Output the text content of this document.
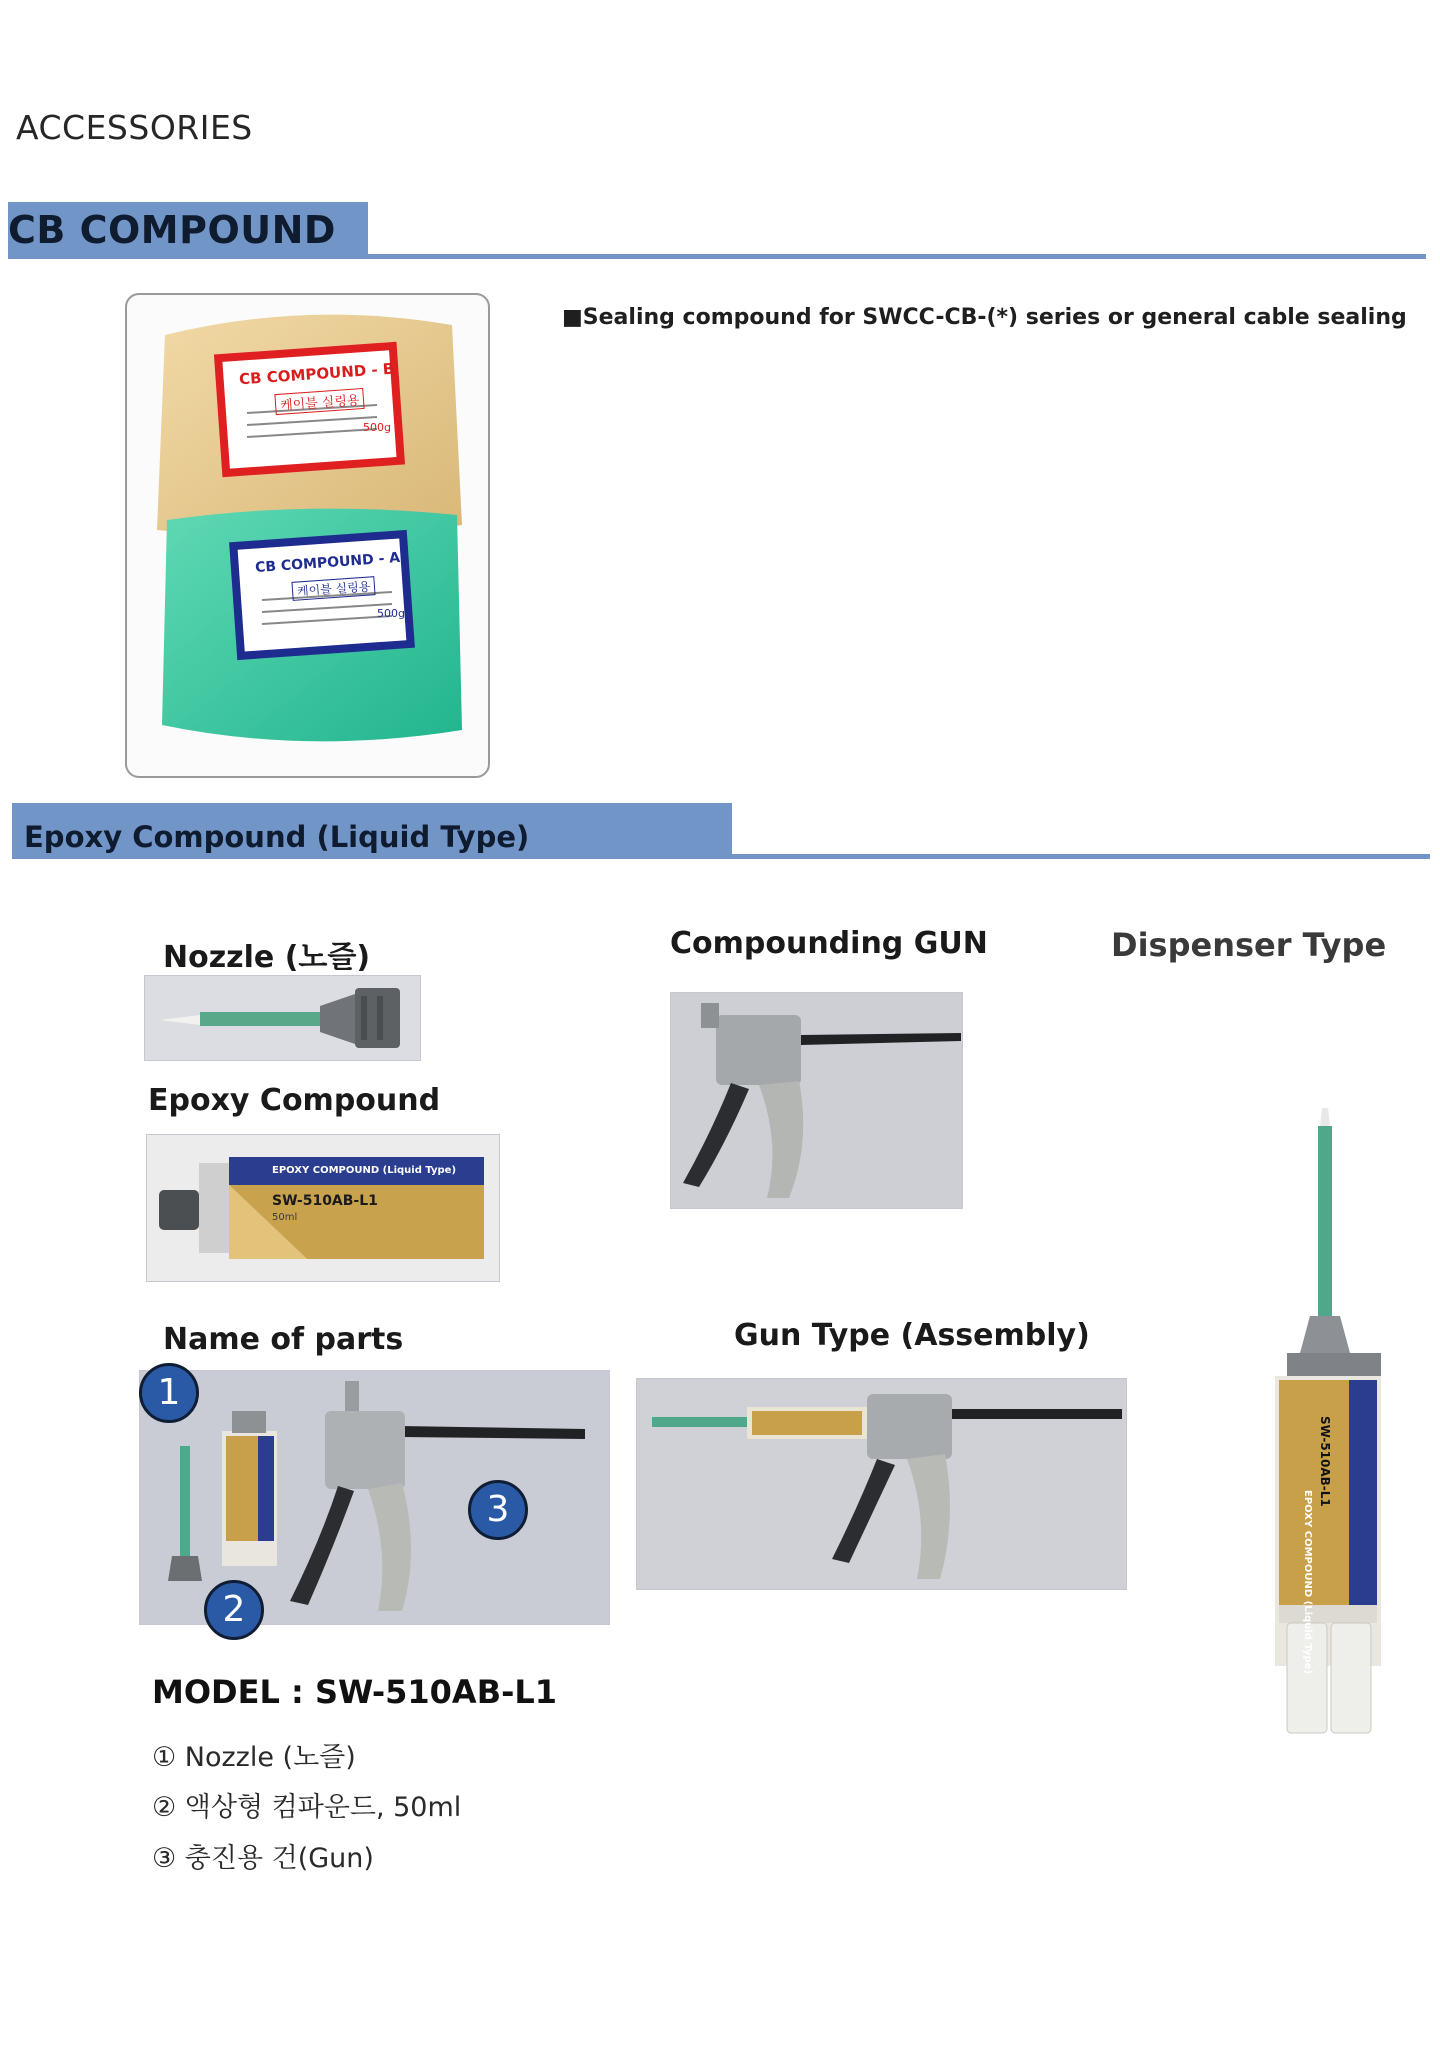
ACCESSORIES
CB COMPOUND
CB COMPOUND - B
케이블 실링용
500g
CB COMPOUND - A
케이블 실링용
500g
■Sealing compound for SWCC-CB-(*) series or general cable sealing
Epoxy Compound (Liquid Type)
Nozzle (노즐)
Epoxy Compound
EPOXY COMPOUND (Liquid Type)
SW-510AB-L1
50ml
Compounding GUN	Dispenser Type
EPOXY COMPOUND (Liquid Type)
SW-510AB-L1
Name of parts
1
2
3
Gun Type (Assembly)
MODEL : SW-510AB-L1
① Nozzle (노즐)
② 액상형 컴파운드, 50ml
③ 충진용 건(Gun)
